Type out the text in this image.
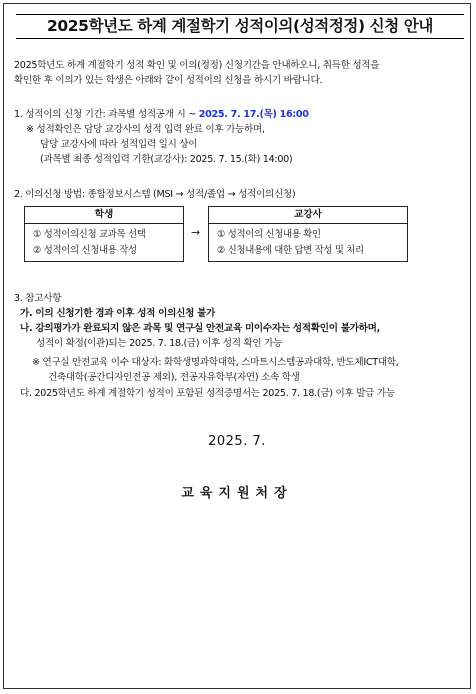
2025학년도 하계 계절학기 성적이의(성적정정) 신청 안내
2025학년도 하계 계절학기 성적 확인 및 이의(정정) 신청기간을 안내하오니, 취득한 성적을
확인한 후 이의가 있는 학생은 아래와 같이 성적이의 신청을 하시기 바랍니다.
1. 성적이의 신청 기간: 과목별 성적공개 시 ~ 2025. 7. 17.(목) 16:00
※ 성적확인은 담당 교강사의 성적 입력 완료 이후 가능하며,
담당 교강사에 따라 성적입력 일시 상이
(과목별 최종 성적입력 기한(교강사): 2025. 7. 15.(화) 14:00)
2. 이의신청 방법: 종합정보시스템 (MSI → 성적/졸업 → 성적이의신청)
학생
① 성적이의신청 교과목 선택
② 성적이의 신청내용 작성
→
교강사
① 성적이의 신청내용 확인
② 신청내용에 대한 답변 작성 및 처리
3. 참고사항
가. 이의 신청기한 경과 이후 성적 이의신청 불가
나. 강의평가가 완료되지 않은 과목 및 연구실 안전교육 미이수자는 성적확인이 불가하며,
성적이 확정(이관)되는 2025. 7. 18.(금) 이후 성적 확인 가능
※ 연구실 안전교육 이수 대상자: 화학생명과학대학, 스마트시스템공과대학, 반도체ICT대학,
건축대학(공간디자인전공 제외), 전공자유학부(자연) 소속 학생
다. 2025학년도 하계 계절학기 성적이 포함된 성적증명서는 2025. 7. 18.(금) 이후 발급 가능
2025. 7.
교육지원처장
